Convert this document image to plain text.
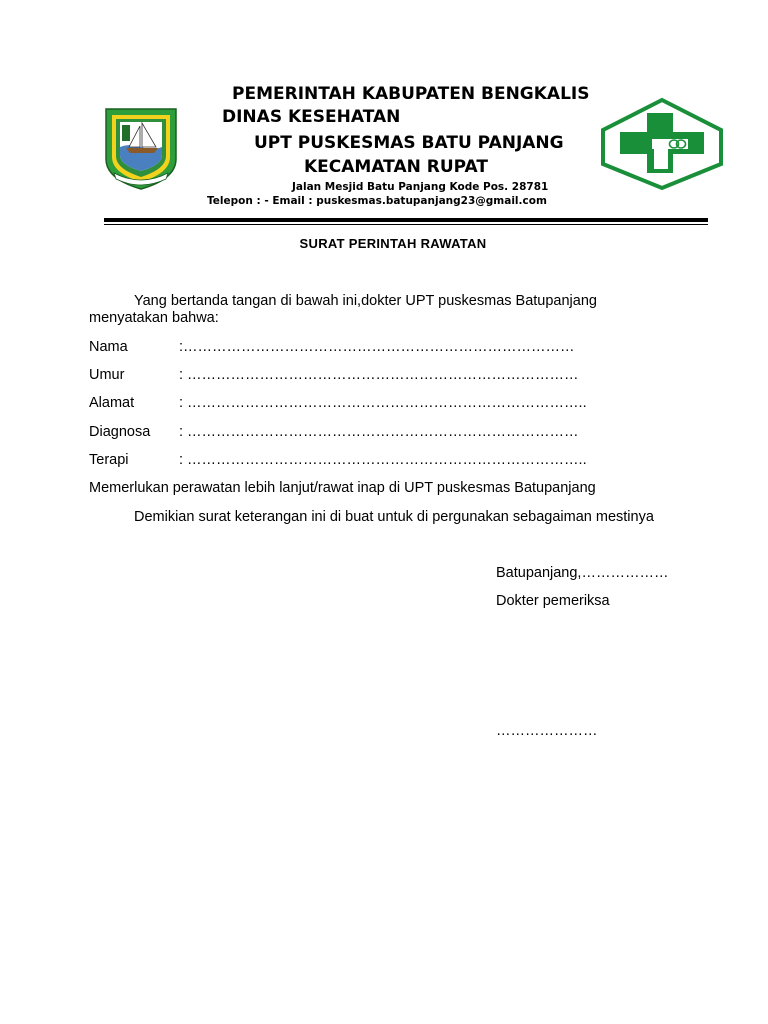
PEMERINTAH KABUPATEN BENGKALIS
DINAS KESEHATAN
UPT PUSKESMAS BATU PANJANG
KECAMATAN RUPAT
Jalan Mesjid Batu Panjang Kode Pos. 28781
Telepon : - Email : puskesmas.batupanjang23@gmail.com
SURAT PERINTAH RAWATAN
Yang bertanda tangan di bawah ini,dokter UPT puskesmas Batupanjang
menyatakan bahwa:
Nama	:………………………………………………………………………
Umur	: ………………………………………………………………………
Alamat	: ………………………………………………………………………..
Diagnosa : ………………………………………………………………………
Terapi	: ………………………………………………………………………..
Memerlukan perawatan lebih lanjut/rawat inap di UPT puskesmas Batupanjang
Demikian surat keterangan ini di buat untuk di pergunakan sebagaiman mestinya
Batupanjang,………………
Dokter pemeriksa
…………………
